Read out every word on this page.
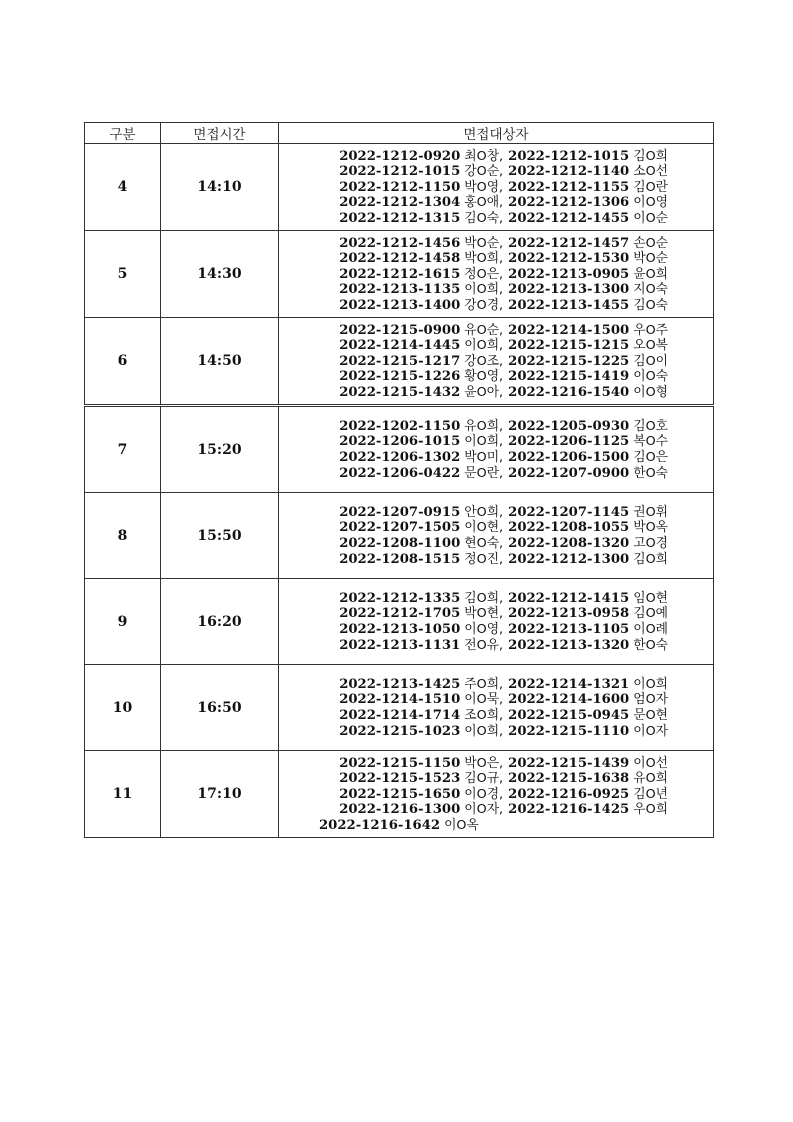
구분	면접시간	면접대상자
4	14:10	2022-1212-0920 최O창, 2022-1212-1015 김O희
2022-1212-1015 강O순, 2022-1212-1140 소O선
2022-1212-1150 박O영, 2022-1212-1155 김O란
2022-1212-1304 홍O애, 2022-1212-1306 이O영
2022-1212-1315 김O숙, 2022-1212-1455 이O순

5	14:30	2022-1212-1456 박O순, 2022-1212-1457 손O순
2022-1212-1458 박O희, 2022-1212-1530 박O순
2022-1212-1615 정O은, 2022-1213-0905 윤O희
2022-1213-1135 이O희, 2022-1213-1300 지O숙
2022-1213-1400 강O경, 2022-1213-1455 김O숙

6	14:50	2022-1215-0900 유O순, 2022-1214-1500 우O주
2022-1214-1445 이O희, 2022-1215-1215 오O복
2022-1215-1217 강O조, 2022-1215-1225 김O이
2022-1215-1226 황O영, 2022-1215-1419 이O숙
2022-1215-1432 윤O아, 2022-1216-1540 이O형

7	15:20	2022-1202-1150 유O희, 2022-1205-0930 김O호
2022-1206-1015 이O희, 2022-1206-1125 복O수
2022-1206-1302 박O미, 2022-1206-1500 김O은
2022-1206-0422 문O란, 2022-1207-0900 한O숙

8	15:50	2022-1207-0915 안O희, 2022-1207-1145 권O휘
2022-1207-1505 이O현, 2022-1208-1055 박O옥
2022-1208-1100 현O숙, 2022-1208-1320 고O경
2022-1208-1515 정O진, 2022-1212-1300 김O희

9	16:20	2022-1212-1335 김O희, 2022-1212-1415 임O현
2022-1212-1705 박O현, 2022-1213-0958 김O예
2022-1213-1050 이O영, 2022-1213-1105 이O례
2022-1213-1131 전O유, 2022-1213-1320 한O숙

10	16:50	2022-1213-1425 주O희, 2022-1214-1321 이O희
2022-1214-1510 이O묵, 2022-1214-1600 엄O자
2022-1214-1714 조O희, 2022-1215-0945 문O현
2022-1215-1023 이O희, 2022-1215-1110 이O자

11	17:10	2022-1215-1150 박O은, 2022-1215-1439 이O선
2022-1215-1523 김O규, 2022-1215-1638 유O희
2022-1215-1650 이O경, 2022-1216-0925 김O년
2022-1216-1300 이O자, 2022-1216-1425 우O희
2022-1216-1642 이O옥
